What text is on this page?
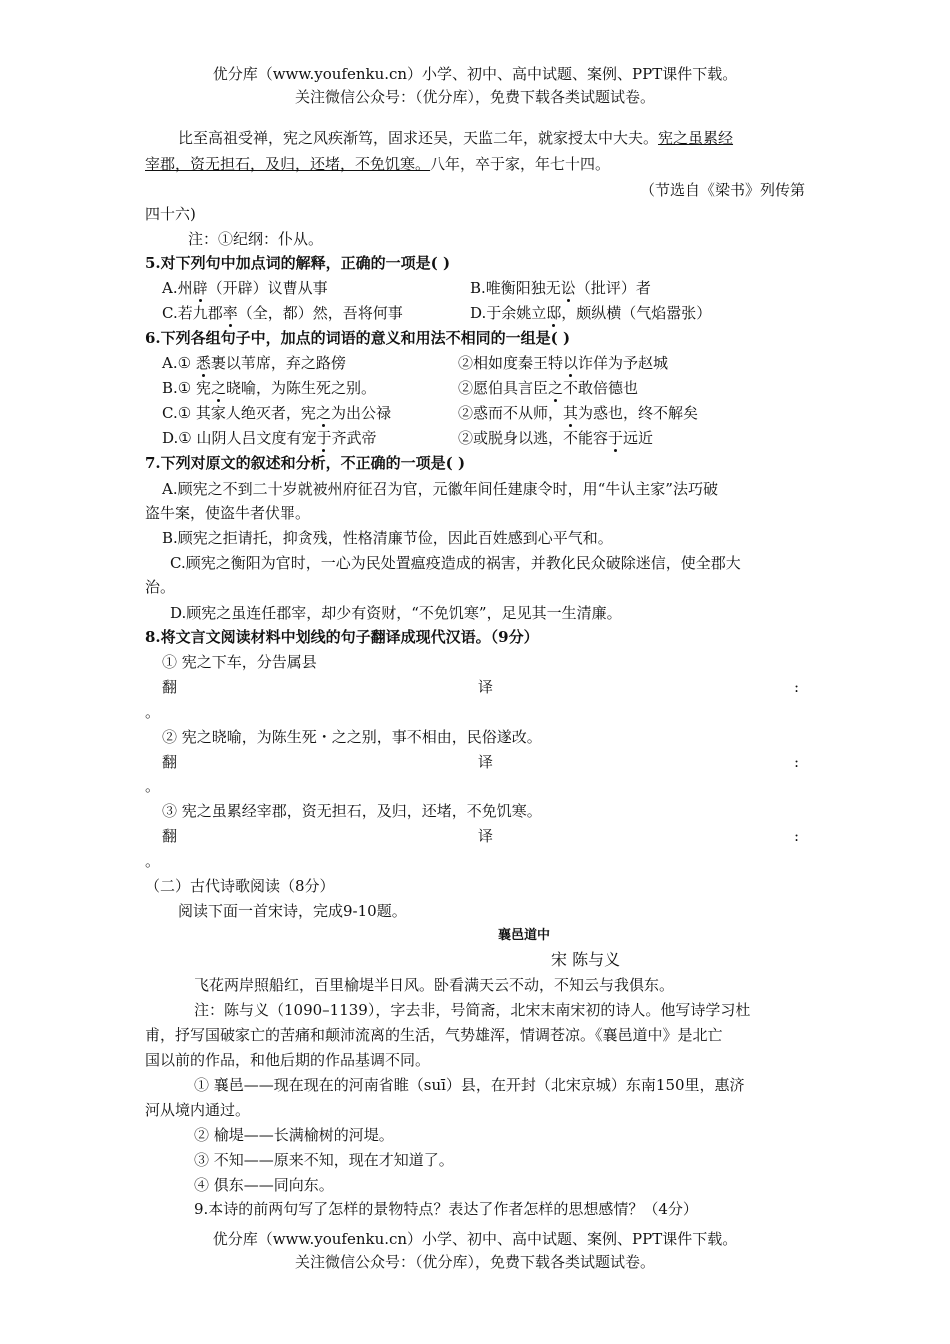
优分库（www.youfenku.cn）小学、初中、高中试题、案例、PPT课件下载。
关注微信公众号：（优分库），免费下载各类试题试卷。
比至高祖受禅，宪之风疾渐笃，固求还吴，天监二年，就家授太中大夫。宪之虽累经
宰郡，资无担石，及归，还堵，不免饥寒。八年，卒于家，年七十四。
（节选自《梁书》列传第
四十六)
注：①纪纲：仆从。
5.对下列句中加点词的解释，正确的一项是( )
A.州辟（开辟）议曹从事	B.唯衡阳独无讼（批评）者
C.若九郡率（全，都）然，吾将何事	D.于余姚立邸，颇纵横（气焰嚣张）
6.下列各组句子中，加点的词语的意义和用法不相同的一组是( )
A.① 悉裹以苇席，弃之路傍	②相如度秦王特以诈佯为予赵城
B.① 宪之晓喻，为陈生死之别。	②愿伯具言臣之不敢倍德也
C.① 其家人绝灭者，宪之为出公禄	②惑而不从师，其为惑也，终不解矣
D.① 山阴人吕文度有宠于齐武帝	②或脱身以逃，不能容于远近
7.下列对原文的叙述和分析，不正确的一项是( )
A.顾宪之不到二十岁就被州府征召为官，元徽年间任建康令时，用“牛认主家”法巧破
盗牛案，使盗牛者伏罪。
B.顾宪之拒请托，抑贪残，性格清廉节俭，因此百姓感到心平气和。
C.顾宪之衡阳为官时，一心为民处置瘟疫造成的祸害，并教化民众破除迷信，使全郡大
治。
D.顾宪之虽连任郡宰，却少有资财，“不免饥寒”，足见其一生清廉。
8.将文言文阅读材料中划线的句子翻译成现代汉语。（9分）
① 宪之下车，分告属县
翻	译	:
。
② 宪之晓喻，为陈生死・之之别，事不相由，民俗遂改。
翻	译	:
。
③ 宪之虽累经宰郡，资无担石，及归，还堵，不免饥寒。
翻	译	:
。
（二）古代诗歌阅读（8分）
阅读下面一首宋诗，完成9-10题。
襄邑道中
宋 陈与义
飞花两岸照船红，百里榆堤半日风。卧看满天云不动，不知云与我俱东。
注：陈与义（1090–1139），字去非，号简斋，北宋末南宋初的诗人。他写诗学习杜
甫，抒写国破家亡的苦痛和颠沛流离的生活，气势雄浑，情调苍凉。《襄邑道中》是北亡
国以前的作品，和他后期的作品基调不同。
① 襄邑——现在现在的河南省睢（suī）县，在开封（北宋京城）东南150里，惠济
河从境内通过。
② 榆堤——长满榆树的河堤。
③ 不知——原来不知，现在才知道了。
④ 俱东——同向东。
9.本诗的前两句写了怎样的景物特点？表达了作者怎样的思想感情？（4分）
优分库（www.youfenku.cn）小学、初中、高中试题、案例、PPT课件下载。
关注微信公众号：（优分库），免费下载各类试题试卷。
